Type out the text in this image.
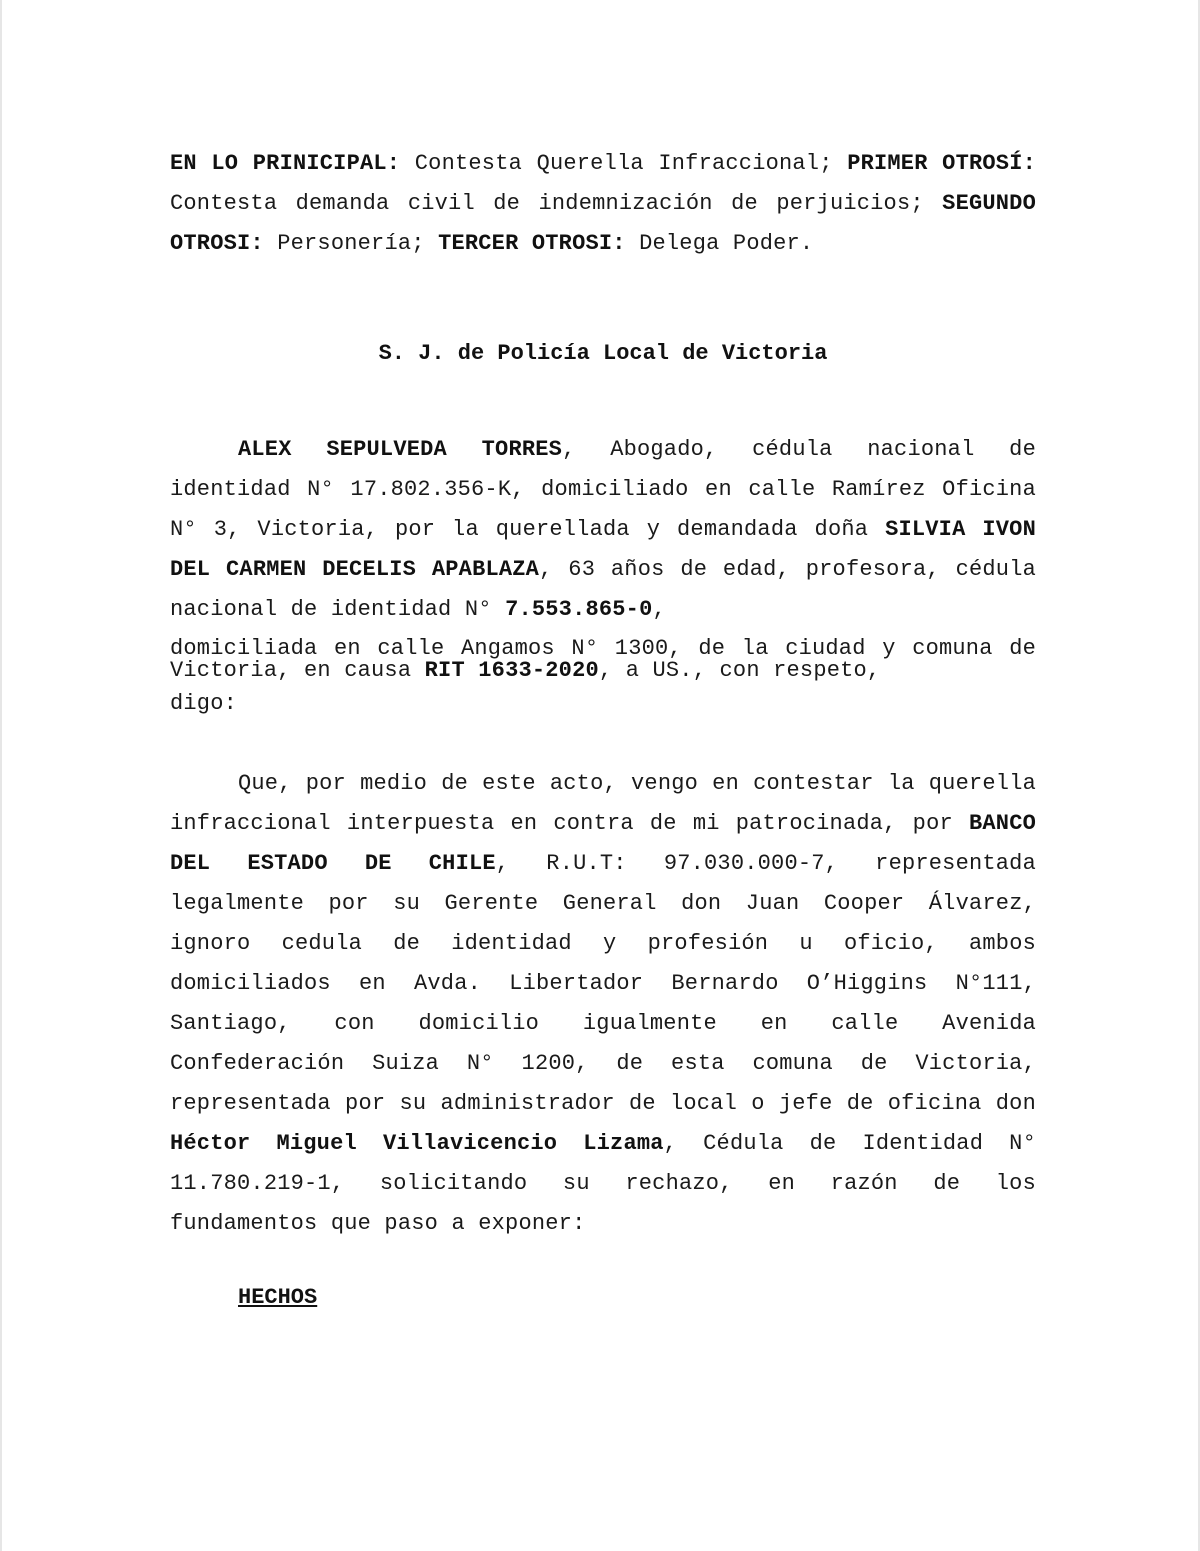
EN LO PRINICIPAL: Contesta Querella Infraccional; PRIMER OTROSÍ: Contesta demanda civil de indemnización de perjuicios; SEGUNDO OTROSI: Personería; TERCER OTROSI: Delega Poder.

S. J. de Policía Local de Victoria

ALEX SEPULVEDA TORRES, Abogado, cédula nacional de identidad N° 17.802.356-K, domiciliado en calle Ramírez Oficina N° 3, Victoria, por la querellada y demandada doña SILVIA IVON DEL CARMEN DECELIS APABLAZA, 63 años de edad, profesora, cédula nacional de identidad N° 7.553.865-0,

domiciliada en calle Angamos N° 1300, de la ciudad y comuna de Victoria, en causa RIT 1633-2020, a US., con respeto,

digo:

Que, por medio de este acto, vengo en contestar la querella infraccional interpuesta en contra de mi patrocinada, por BANCO DEL ESTADO DE CHILE, R.U.T: 97.030.000-7, representada legalmente por su Gerente General don Juan Cooper Álvarez, ignoro cedula de identidad y profesión u oficio, ambos domiciliados en Avda. Libertador Bernardo O’Higgins N°111, Santiago, con domicilio igualmente en calle Avenida Confederación Suiza N° 1200, de esta comuna de Victoria, representada por su administrador de local o jefe de oficina don Héctor Miguel Villavicencio Lizama, Cédula de Identidad N° 11.780.219-1, solicitando su rechazo, en razón de los fundamentos que paso a exponer:

HECHOS
